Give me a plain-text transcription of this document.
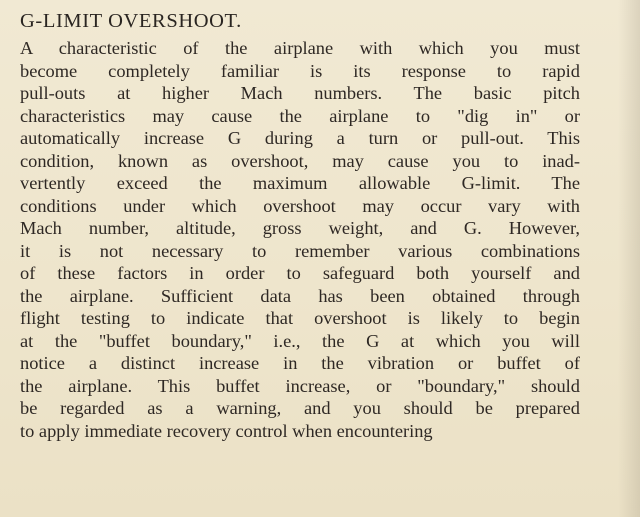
G-LIMIT OVERSHOOT.
A characteristic of the airplane with which you must
become completely familiar is its response to rapid
pull-outs at higher Mach numbers. The basic pitch
characteristics may cause the airplane to "dig in" or
automatically increase G during a turn or pull-out. This
condition, known as overshoot, may cause you to inad-
vertently exceed the maximum allowable G-limit. The
conditions under which overshoot may occur vary with
Mach number, altitude, gross weight, and G. However,
it is not necessary to remember various combinations
of these factors in order to safeguard both yourself and
the airplane. Sufficient data has been obtained through
flight testing to indicate that overshoot is likely to begin
at the "buffet boundary," i.e., the G at which you will
notice a distinct increase in the vibration or buffet of
the airplane. This buffet increase, or "boundary," should
be regarded as a warning, and you should be prepared
to apply immediate recovery control when encountering
